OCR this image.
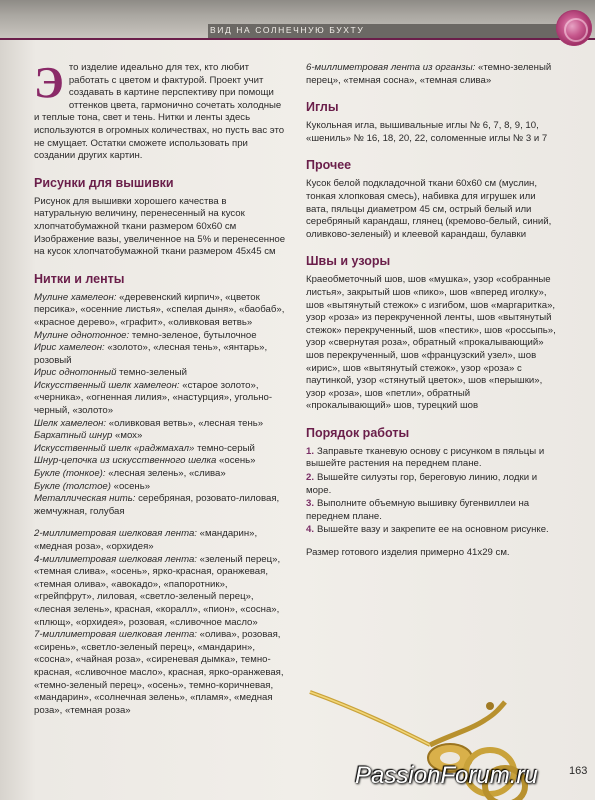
ВИД НА СОЛНЕЧНУЮ БУХТУ
Э то изделие идеально для тех, кто любит работать с цветом и фактурой. Проект учит создавать в картине перспективу при помощи оттенков цвета, гармонично сочетать холодные и теплые тона, свет и тень. Нитки и ленты здесь используются в огромных количествах, но пусть вас это не смущает. Остатки сможете использовать при создании других картин.
Рисунки для вышивки

Рисунок для вышивки хорошего качества в натуральную величину, перенесенный на кусок хлопчатобумажной ткани размером 60х60 см

Изображение вазы, увеличенное на 5% и перенесенное на кусок хлопчатобумажной ткани размером 45х45 см

Нитки и ленты

Мулине хамелеон: «деревенский кирпич», «цветок персика», «осенние листья», «спелая дыня», «баобаб», «красное дерево», «графит», «оливковая ветвь»

Мулине однотонное: темно-зеленое, бутылочное

Ирис хамелеон: «золото», «лесная тень», «янтарь», розовый

Ирис однотонный темно-зеленый

Искусственный шелк хамелеон: «старое золото», «черника», «огненная лилия», «настурция», угольно-черный, «золото»

Шелк хамелеон: «оливковая ветвь», «лесная тень»

Бархатный шнур «мох»

Искусственный шелк «раджмахал» темно-серый

Шнур-цепочка из искусственного шелка «осень»

Букле (тонкое): «лесная зелень», «слива»

Букле (толстое) «осень»

Металлическая нить: серебряная, розовато-лиловая, жемчужная, голубая

2-миллиметровая шелковая лента: «мандарин», «медная роза», «орхидея»

4-миллиметровая шелковая лента: «зеленый перец», «темная слива», «осень», ярко-красная, оранжевая, «темная олива», «авокадо», «папоротник», «грейпфрут», лиловая, «светло-зеленый перец», «лесная зелень», красная, «коралл», «пион», «сосна», «плющ», «орхидея», розовая, «сливочное масло»

7-миллиметровая шелковая лента: «олива», розовая, «сирень», «светло-зеленый перец», «мандарин», «сосна», «чайная роза», «сиреневая дымка», темно-красная, «сливочное масло», красная, ярко-оранжевая, «темно-зеленый перец», «осень», темно-коричневая, «мандарин», «солнечная зелень», «пламя», «медная роза», «темная роза»

6-миллиметровая лента из органзы: «темно-зеленый перец», «темная сосна», «темная слива»

Иглы

Кукольная игла, вышивальные иглы № 6, 7, 8, 9, 10, «шениль» № 16, 18, 20, 22, соломенные иглы № 3 и 7

Прочее

Кусок белой подкладочной ткани 60х60 см (муслин, тонкая хлопковая смесь), набивка для игрушек или вата, пяльцы диаметром 45 см, острый белый или серебряный карандаш, глянец (кремово-белый, синий, оливково-зеленый) и клеевой карандаш, булавки

Швы и узоры

Краеобметочный шов, шов «мушка», узор «собранные листья», закрытый шов «пико», шов «вперед иголку», шов «вытянутый стежок» с изгибом, шов «маргаритка», узор «роза» из перекрученной ленты, шов «вытянутый стежок» перекрученный, шов «пестик», шов «россыпь», узор «свернутая роза», обратный «прокалывающий» шов перекрученный, шов «французский узел», шов «ирис», шов «вытянутый стежок», узор «роза» с паутинкой, узор «стянутый цветок», шов «перышки», узор «роза», шов «петли», обратный «прокалывающий» шов, турецкий шов

Порядок работы
1. Заправьте тканевую основу с рисунком в пяльцы и вышейте растения на переднем плане.
2. Вышейте силуэты гор, береговую линию, лодки и море.
3. Выполните объемную вышивку бугенвиллеи на переднем плане.
4. Вышейте вазу и закрепите ее на основном рисунке.

Размер готового изделия примерно 41х29 см.

PassionForum.ru	163
